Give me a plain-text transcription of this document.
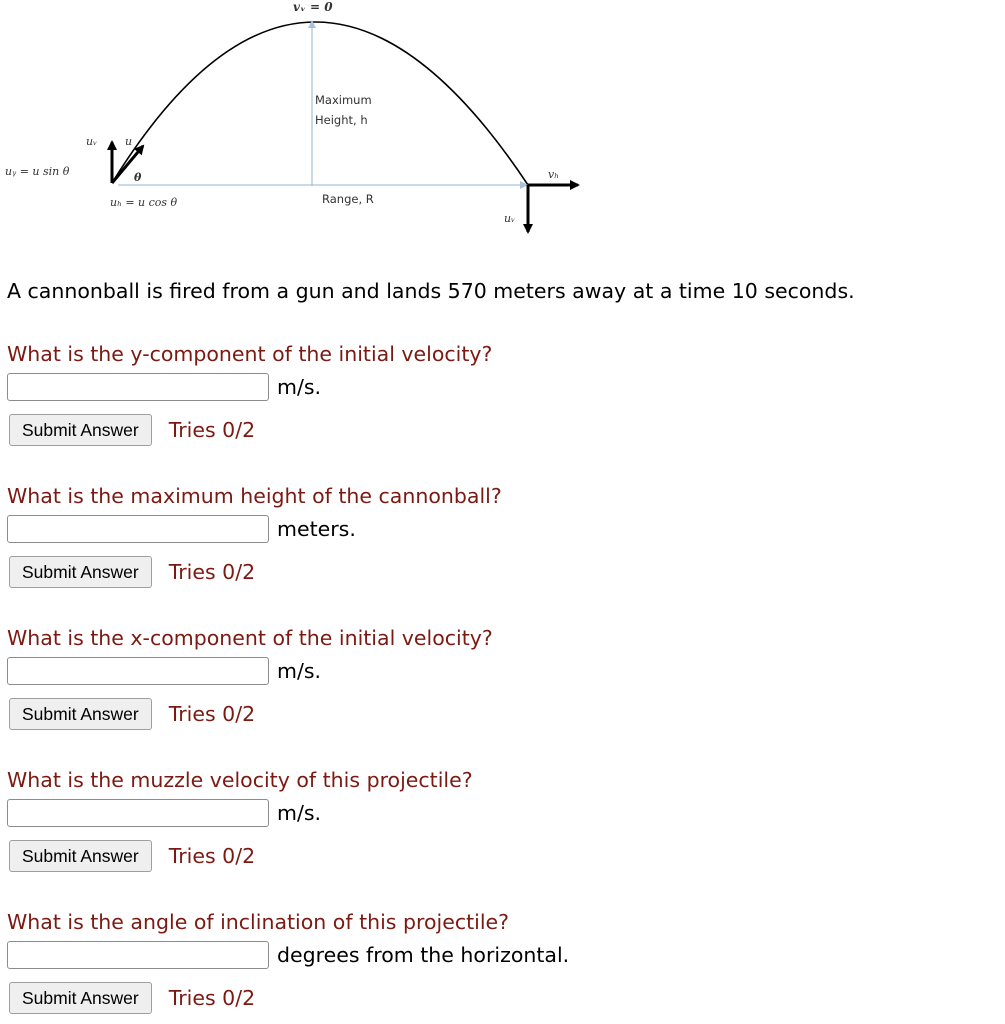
vᵥ = 0
Maximum
Height, h
Range, R
uᵥ	u
θ
uᵧ = u sin θ
uₕ = u cos θ
vₕ
uᵥ

A cannonball is fired from a gun and lands 570 meters away at a time 10 seconds.

What is the y-component of the initial velocity?
m/s.
Submit Answer	Tries 0/2
What is the maximum height of the cannonball?
meters.
Submit Answer	Tries 0/2
What is the x-component of the initial velocity?
m/s.
Submit Answer	Tries 0/2
What is the muzzle velocity of this projectile?
m/s.
Submit Answer	Tries 0/2
What is the angle of inclination of this projectile?
degrees from the horizontal.
Submit Answer	Tries 0/2
